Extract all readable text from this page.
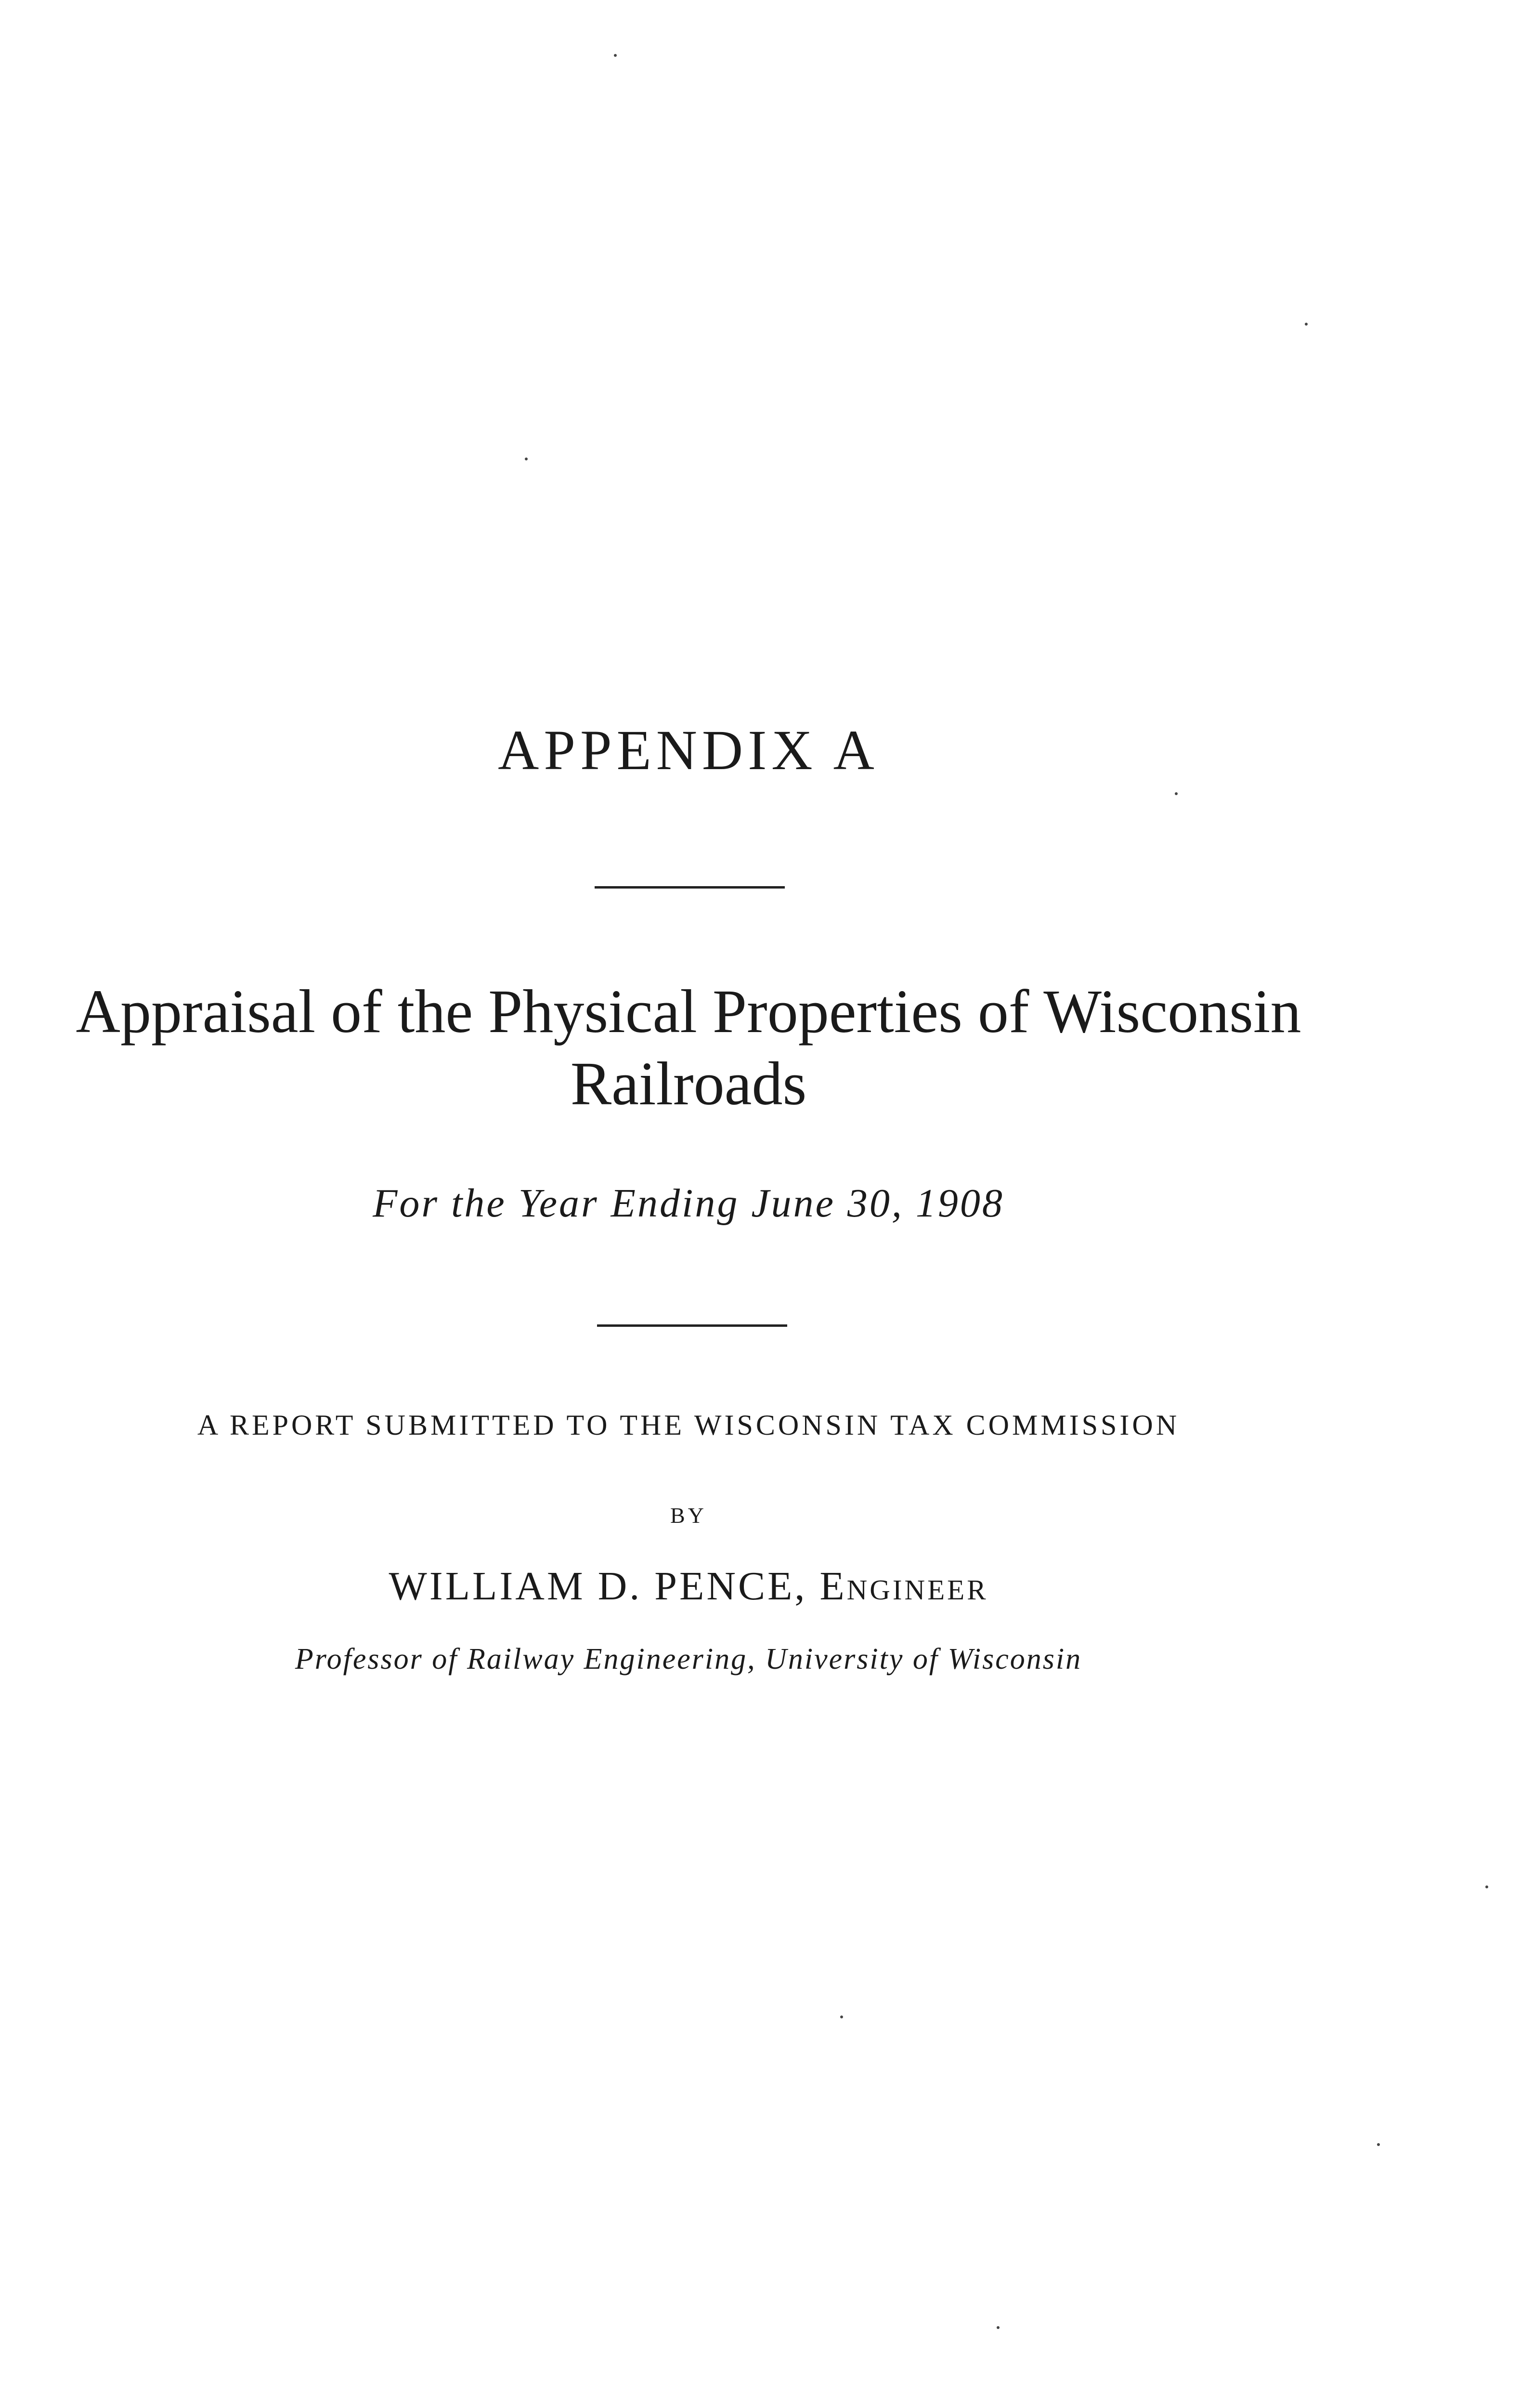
APPENDIX A
Appraisal of the Physical Properties of Wisconsin
Railroads
For the Year Ending June 30, 1908
A REPORT SUBMITTED TO THE WISCONSIN TAX COMMISSION
BY
WILLIAM D. PENCE, Engineer
Professor of Railway Engineering, University of Wisconsin
